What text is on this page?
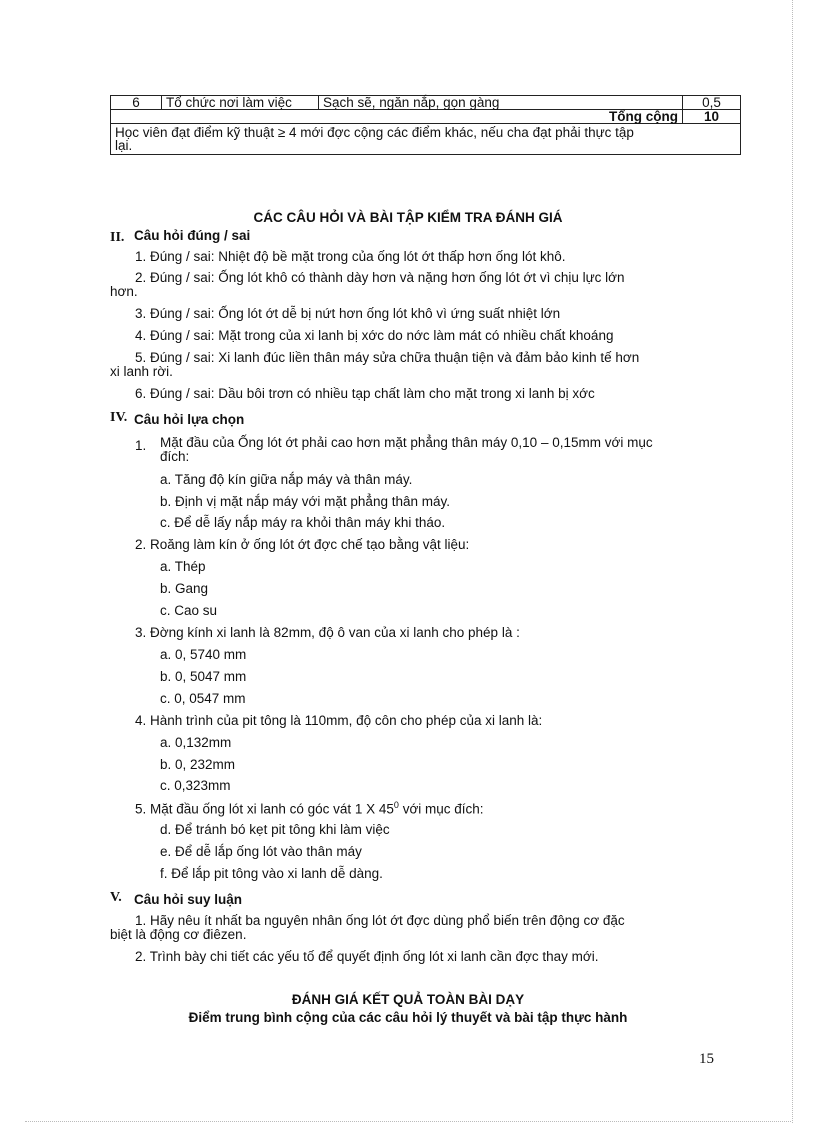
6	Tổ chức nơi làm việc	Sạch sẽ, ngăn nắp, gọn gàng	0,5
Tổng cộng			10

Học viên đạt điểm kỹ thuật ≥ 4 mới đợc cộng các điểm khác, nếu cha đạt phải thực tập
lại.			
CÁC CÂU HỎI VÀ BÀI TẬP KIỂM TRA ĐÁNH GIÁ
II. Câu hỏi đúng / sai
1. Đúng / sai: Nhiệt độ bề mặt trong của ống lót ớt thấp hơn ống lót khô.
2. Đúng / sai: Ống lót khô có thành dày hơn và nặng hơn ống lót ớt vì chịu lực lớn
hơn.
3. Đúng / sai: Ống lót ớt dễ bị nứt hơn ống lót khô vì ứng suất nhiệt lớn
4. Đúng / sai: Mặt trong của xi lanh bị xớc do nớc làm mát có nhiều chất khoáng
5. Đúng / sai: Xi lanh đúc liền thân máy sửa chữa thuận tiện và đảm bảo kinh tế hơn
xi lanh rời.
6. Đúng / sai: Dầu bôi trơn có nhiều tạp chất làm cho mặt trong xi lanh bị xớc
IV. Câu hỏi lựa chọn
1. Mặt đầu của Ống lót ớt phải cao hơn mặt phẳng thân máy 0,10 – 0,15mm với mục
đích:
a. Tăng độ kín giữa nắp máy và thân máy.
b. Định vị mặt nắp máy với mặt phẳng thân máy.
c. Để dễ lấy nắp máy ra khỏi thân máy khi tháo.
2. Roăng làm kín ở ống lót ớt đợc chế tạo bằng vật liệu:
a. Thép
b. Gang
c. Cao su
3. Đờng kính xi lanh là 82mm, độ ô van của xi lanh cho phép là :
a. 0, 5740 mm
b. 0, 5047 mm
c. 0, 0547 mm
4. Hành trình của pit tông là 110mm, độ côn cho phép của xi lanh là:
a. 0,132mm
b. 0, 232mm
c. 0,323mm
5. Mặt đầu ống lót xi lanh có góc vát 1 X $45^0$ với mục đích:
d. Để tránh bó kẹt pit tông khi làm việc
e. Để dễ lắp ống lót vào thân máy
f. Để lắp pit tông vào xi lanh dễ dàng.
V. Câu hỏi suy luận
1. Hãy nêu ít nhất ba nguyên nhân ống lót ớt đợc dùng phổ biến trên động cơ đặc
biệt là động cơ điêzen.
2. Trình bày chi tiết các yếu tố để quyết định ống lót xi lanh cần đợc thay mới.
ĐÁNH GIÁ KẾT QUẢ TOÀN BÀI DẠY
Điểm trung bình cộng của các câu hỏi lý thuyết và bài tập thực hành
15
